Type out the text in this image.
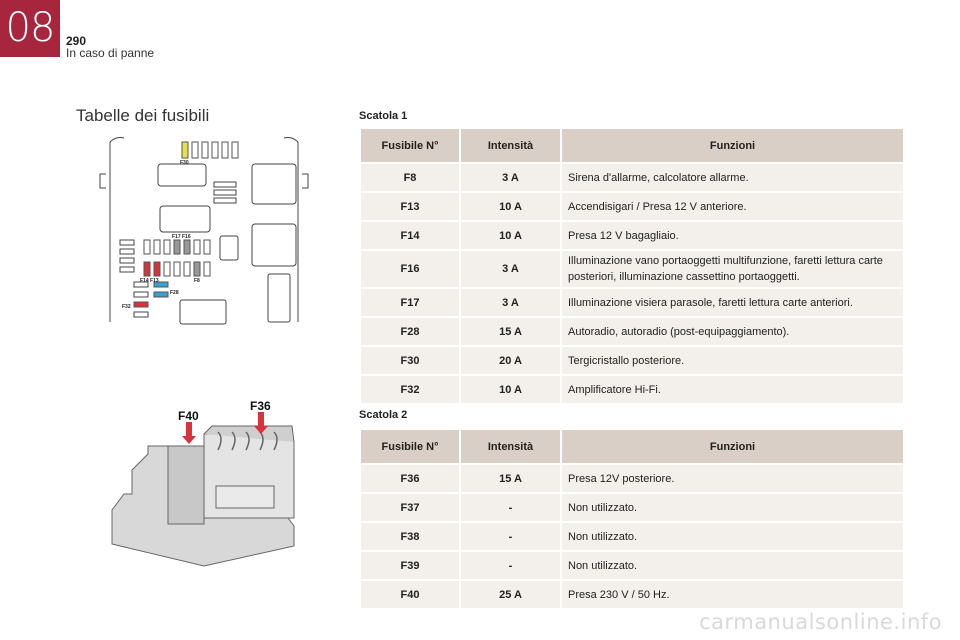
08 290
In caso di panne
Tabelle dei fusibili
F30
F17 F16
F14 F13	F8
F28
F32
F40
F36
Scatola 1
Fusibile N°	Intensità	Funzioni
F8	3 A	Sirena d'allarme, calcolatore allarme.
F13	10 A	Accendisigari / Presa 12 V anteriore.
F14	10 A	Presa 12 V bagagliaio.
F16	3 A	Illuminazione vano portaoggetti multifunzione, faretti lettura carte posteriori, illuminazione cassettino portaoggetti.
F17	3 A	Illuminazione visiera parasole, faretti lettura carte anteriori.
F28	15 A	Autoradio, autoradio (post-equipaggiamento).
F30	20 A	Tergicristallo posteriore.
F32	10 A	Amplificatore Hi-Fi.
Scatola 2
Fusibile N°	Intensità	Funzioni
F36	15 A	Presa 12V posteriore.
F37	-	Non utilizzato.
F38	-	Non utilizzato.
F39	-	Non utilizzato.
F40	25 A	Presa 230 V / 50 Hz.
carmanualsonline.info
